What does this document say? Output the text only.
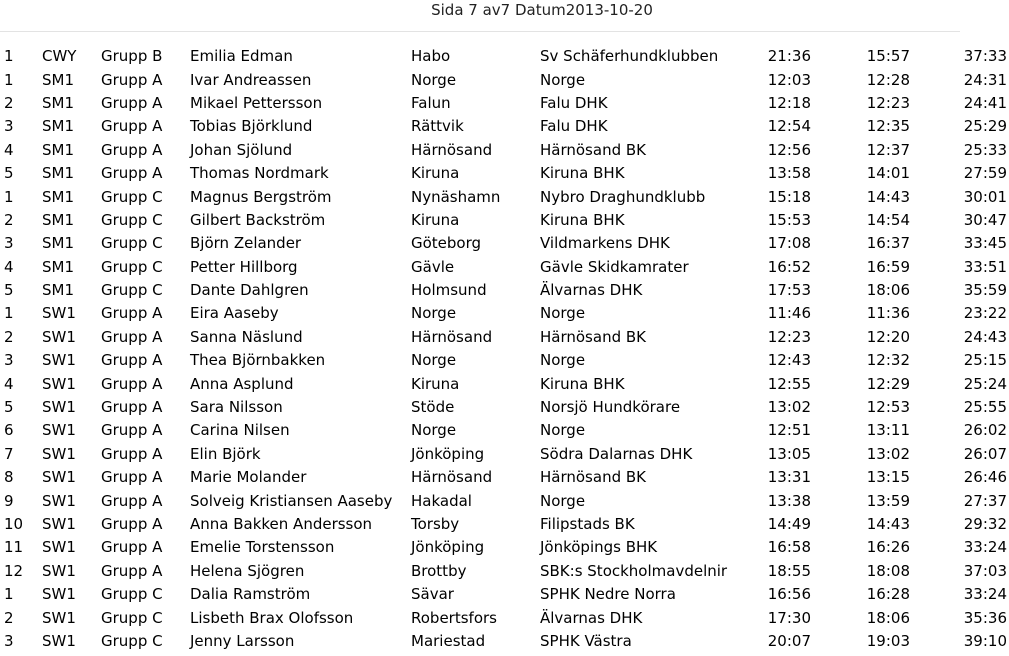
Sida 7 av7 Datum2013-10-20
1	CWY	Grupp B	Emilia Edman	Habo	Sv Schäferhundklubben	21:36	15:57	37:33
1	SM1	Grupp A	Ivar Andreassen	Norge	Norge	12:03	12:28	24:31
2	SM1	Grupp A	Mikael Pettersson	Falun	Falu DHK	12:18	12:23	24:41
3	SM1	Grupp A	Tobias Björklund	Rättvik	Falu DHK	12:54	12:35	25:29
4	SM1	Grupp A	Johan Sjölund	Härnösand	Härnösand BK	12:56	12:37	25:33
5	SM1	Grupp A	Thomas Nordmark	Kiruna	Kiruna BHK	13:58	14:01	27:59
1	SM1	Grupp C	Magnus Bergström	Nynäshamn	Nybro Draghundklubb	15:18	14:43	30:01
2	SM1	Grupp C	Gilbert Backström	Kiruna	Kiruna BHK	15:53	14:54	30:47
3	SM1	Grupp C	Björn Zelander	Göteborg	Vildmarkens DHK	17:08	16:37	33:45
4	SM1	Grupp C	Petter Hillborg	Gävle	Gävle Skidkamrater	16:52	16:59	33:51
5	SM1	Grupp C	Dante Dahlgren	Holmsund	Älvarnas DHK	17:53	18:06	35:59
1	SW1	Grupp A	Eira Aaseby	Norge	Norge	11:46	11:36	23:22
2	SW1	Grupp A	Sanna Näslund	Härnösand	Härnösand BK	12:23	12:20	24:43
3	SW1	Grupp A	Thea Björnbakken	Norge	Norge	12:43	12:32	25:15
4	SW1	Grupp A	Anna Asplund	Kiruna	Kiruna BHK	12:55	12:29	25:24
5	SW1	Grupp A	Sara Nilsson	Stöde	Norsjö Hundkörare	13:02	12:53	25:55
6	SW1	Grupp A	Carina Nilsen	Norge	Norge	12:51	13:11	26:02
7	SW1	Grupp A	Elin Björk	Jönköping	Södra Dalarnas DHK	13:05	13:02	26:07
8	SW1	Grupp A	Marie Molander	Härnösand	Härnösand BK	13:31	13:15	26:46
9	SW1	Grupp A	Solveig Kristiansen Aaseby	Hakadal	Norge	13:38	13:59	27:37
10	SW1	Grupp A	Anna Bakken Andersson	Torsby	Filipstads BK	14:49	14:43	29:32
11	SW1	Grupp A	Emelie Torstensson	Jönköping	Jönköpings BHK	16:58	16:26	33:24
12	SW1	Grupp A	Helena Sjögren	Brottby	SBK:s Stockholmavdelnir	18:55	18:08	37:03
1	SW1	Grupp C	Dalia Ramström	Sävar	SPHK Nedre Norra	16:56	16:28	33:24
2	SW1	Grupp C	Lisbeth Brax Olofsson	Robertsfors	Älvarnas DHK	17:30	18:06	35:36
3	SW1	Grupp C	Jenny Larsson	Mariestad	SPHK Västra	20:07	19:03	39:10
